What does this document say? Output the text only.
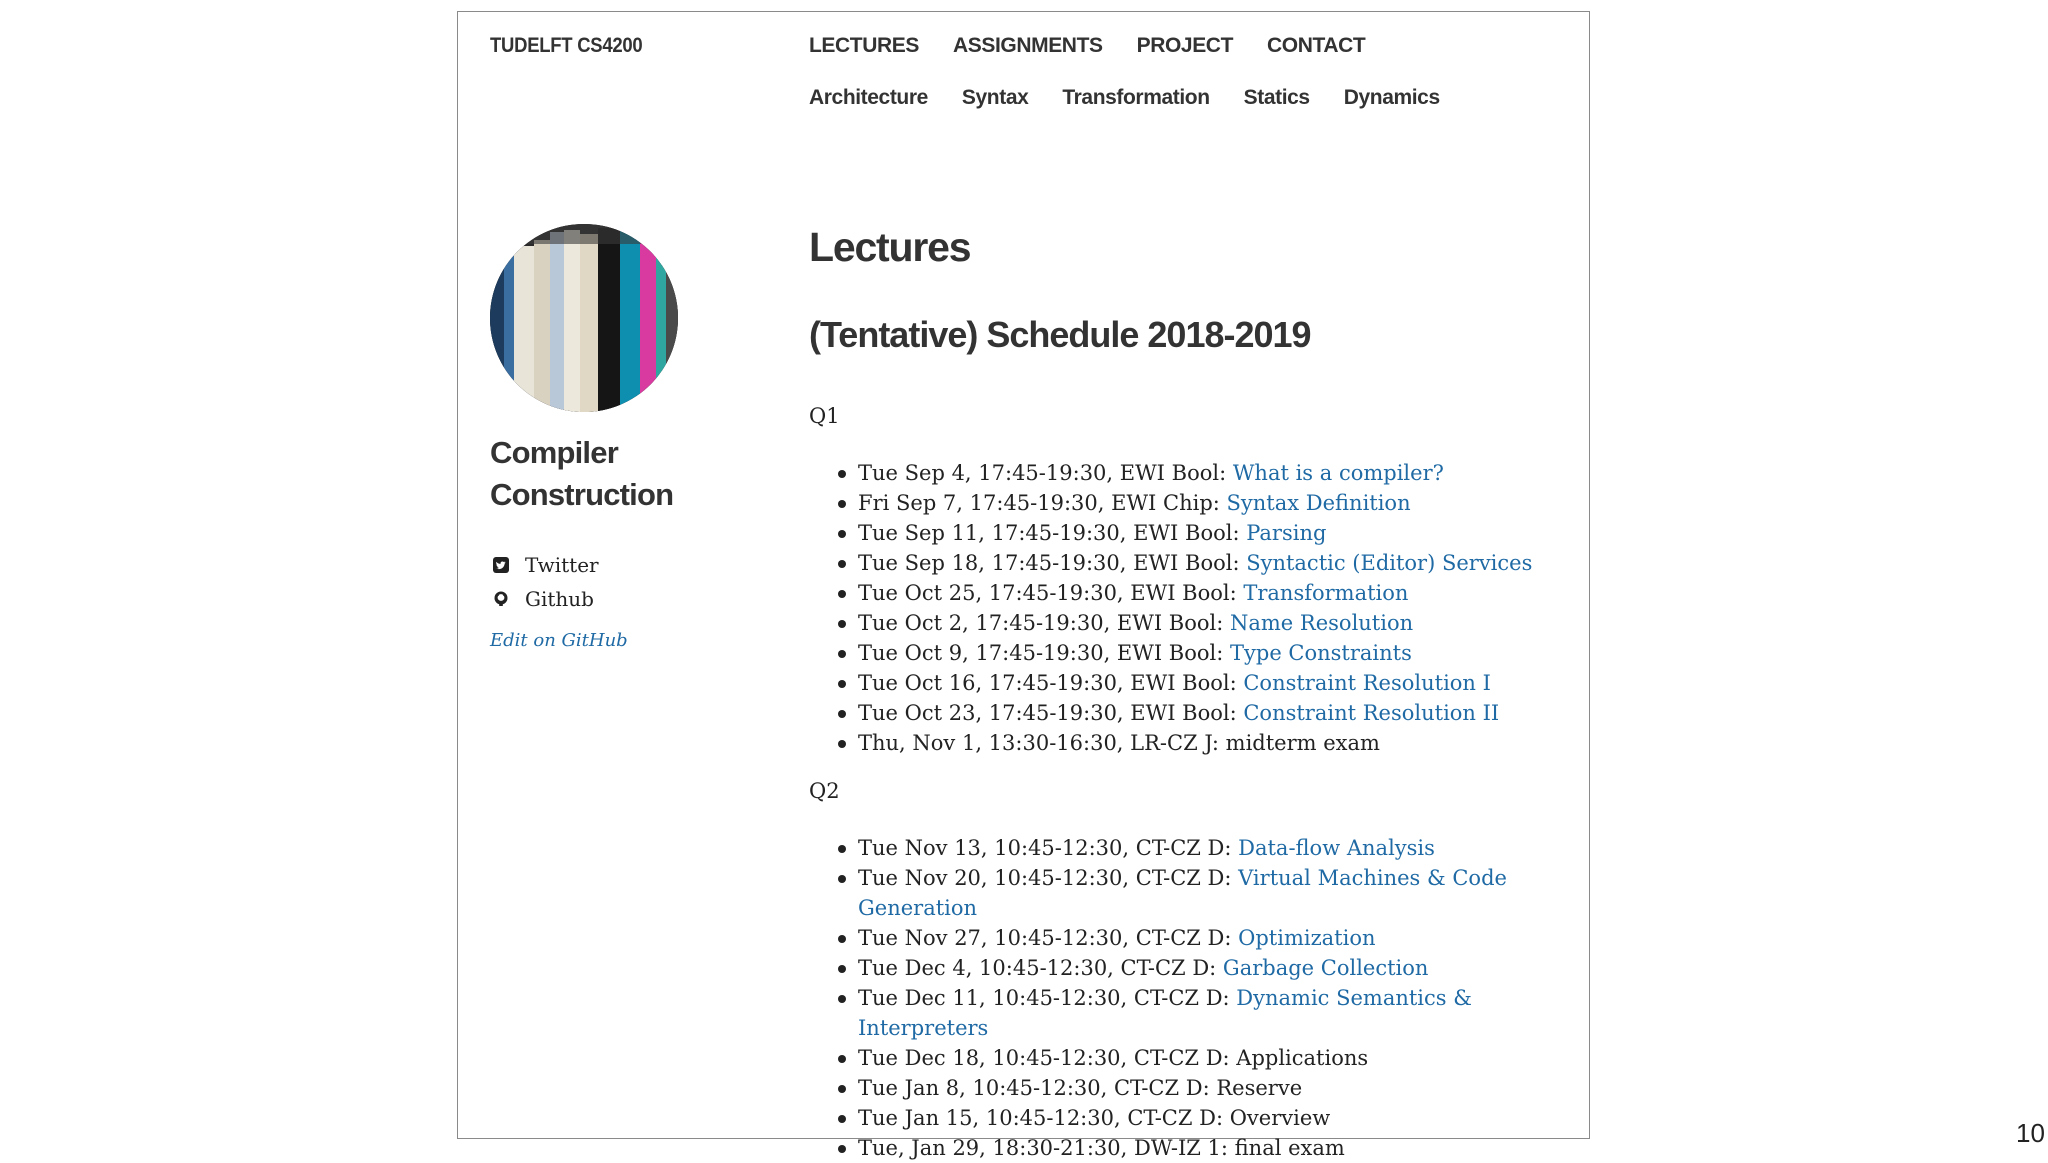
TUDELFT CS4200	LECTURES ASSIGNMENTS PROJECT CONTACT
Architecture Syntax Transformation Statics Dynamics
Compiler Construction
Twitter
Github
Edit on GitHub
Lectures
(Tentative) Schedule 2018-2019
Q1
Tue Sep 4, 17:45-19:30, EWI Bool: What is a compiler?
Fri Sep 7, 17:45-19:30, EWI Chip: Syntax Definition
Tue Sep 11, 17:45-19:30, EWI Bool: Parsing
Tue Sep 18, 17:45-19:30, EWI Bool: Syntactic (Editor) Services
Tue Oct 25, 17:45-19:30, EWI Bool: Transformation
Tue Oct 2, 17:45-19:30, EWI Bool: Name Resolution
Tue Oct 9, 17:45-19:30, EWI Bool: Type Constraints
Tue Oct 16, 17:45-19:30, EWI Bool: Constraint Resolution I
Tue Oct 23, 17:45-19:30, EWI Bool: Constraint Resolution II
Thu, Nov 1, 13:30-16:30, LR-CZ J: midterm exam
Q2
Tue Nov 13, 10:45-12:30, CT-CZ D: Data-flow Analysis
Tue Nov 20, 10:45-12:30, CT-CZ D: Virtual Machines & Code Generation
Tue Nov 27, 10:45-12:30, CT-CZ D: Optimization
Tue Dec 4, 10:45-12:30, CT-CZ D: Garbage Collection
Tue Dec 11, 10:45-12:30, CT-CZ D: Dynamic Semantics & Interpreters
Tue Dec 18, 10:45-12:30, CT-CZ D: Applications
Tue Jan 8, 10:45-12:30, CT-CZ D: Reserve
Tue Jan 15, 10:45-12:30, CT-CZ D: Overview
Tue, Jan 29, 18:30-21:30, DW-IZ 1: final exam	10
